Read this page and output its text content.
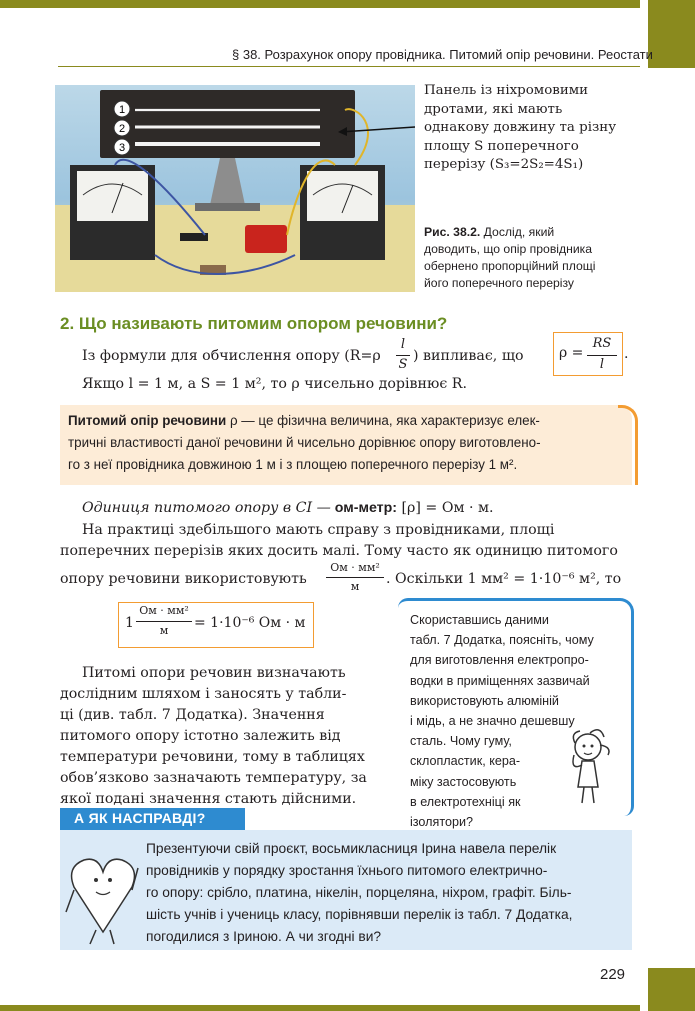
§ 38. Розрахунок опору провідника. Питомий опір речовини. Реостати
1
2
3
Панель із ніхромовими
дротами, які мають
однакову довжину та різну
площу S поперечного
перерізу (S₃=2S₂=4S₁)
Рис. 38.2. Дослід, який
доводить, що опір провідника
обернено пропорційний площі
його поперечного перерізу
2. Що називають питомим опором речовини?
Із формули для обчислення опору (R=ρ
l
S
) випливає, що	ρ =
RS
l
.
Якщо l = 1 м, а S = 1 м², то ρ чисельно дорівнює R.
Питомий опір речовини ρ — це фізична величина, яка характеризує елек-
тричні властивості даної речовини й чисельно дорівнює опору виготовлено-
го з неї провідника довжиною 1 м і з площею поперечного перерізу 1 м².
Одиниця питомого опору в СІ — ом-метр: [ρ] = Ом · м.
На практиці здебільшого мають справу з провідниками, площі
поперечних перерізів яких досить малі. Тому часто як одиницю питомого
опору речовини використовують
Ом · мм²
м	. Оскільки 1 мм² = 1·10⁻⁶ м², то
1
Ом · мм²
м	= 1·10⁻⁶ Ом · м
Питомі опори речовин визначають
дослідним шляхом і заносять у табли-
ці (див. табл. 7 Додатка). Значення
питомого опору істотно залежить від
температури речовини, тому в таблицях
обов’язково зазначають температуру, за
якої подані значення стають дійсними.
Скориставшись даними
табл. 7 Додатка, поясніть, чому
для виготовлення електропро-
водки в приміщеннях зазвичай
використовують алюміній
і мідь, а не значно дешевшу
сталь. Чому гуму,
склопластик, кера-
міку застосовують
в електротехніці як
ізолятори?
А ЯК НАСПРАВДІ?
Презентуючи свій проєкт, восьмикласниця Ірина навела перелік
провідників у порядку зростання їхнього питомого електрично-
го опору: срібло, платина, нікелін, порцеляна, ніхром, графіт. Біль-
шість учнів і учениць класу, порівнявши перелік із табл. 7 Додатка,
погодилися з Іриною. А чи згодні ви?
229
